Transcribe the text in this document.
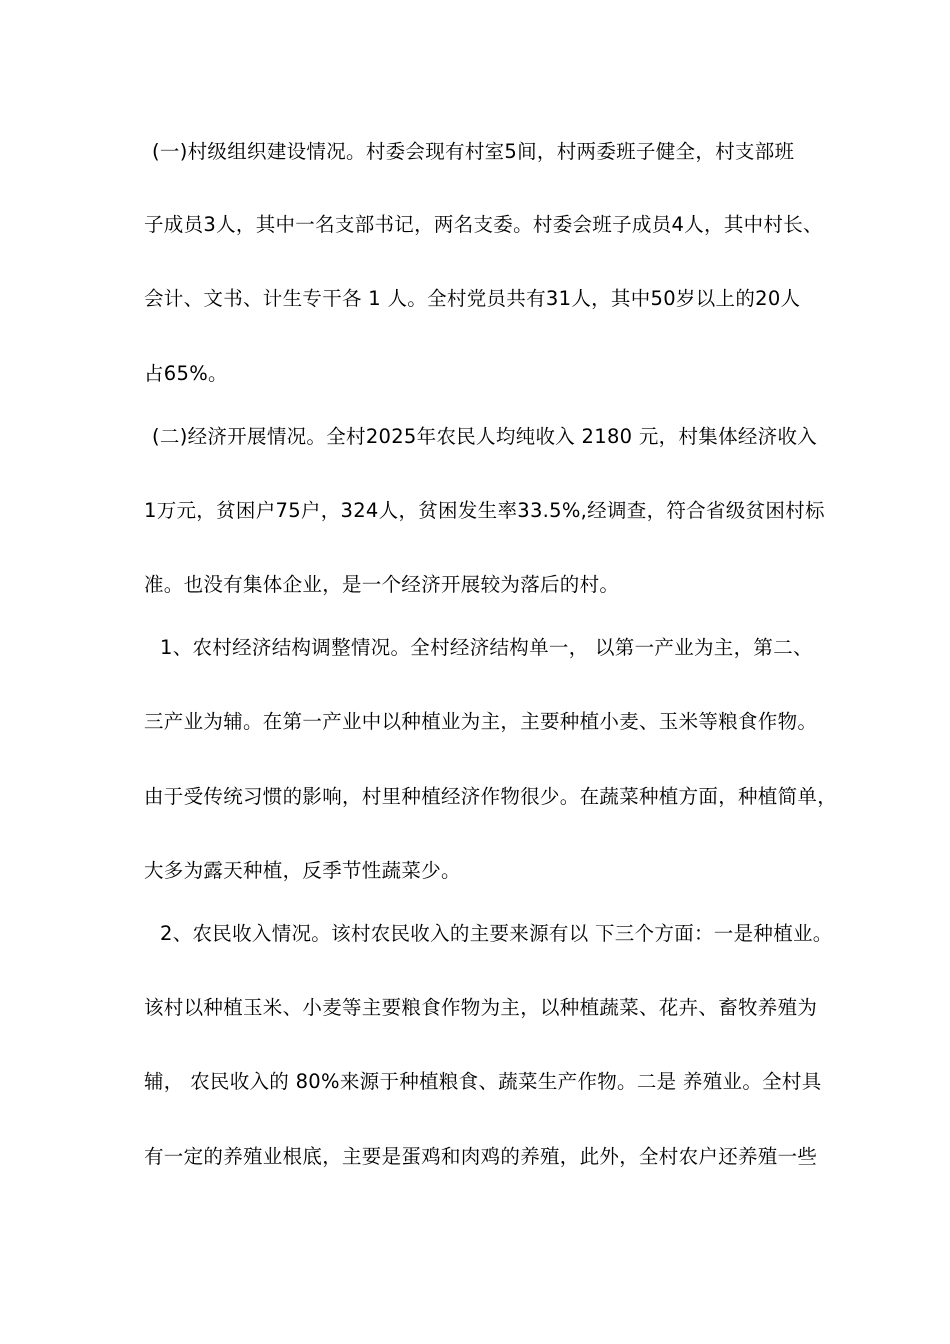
(一)村级组织建设情况。村委会现有村室5间，村两委班子健全，村支部班
子成员3人，其中一名支部书记，两名支委。村委会班子成员4人，其中村长、
会计、文书、计生专干各 1 人。全村党员共有31人，其中50岁以上的20人
占65%。
(二)经济开展情况。全村2025年农民人均纯收入 2180 元，村集体经济收入
1万元，贫困户75户，324人，贫困发生率33.5%,经调查，符合省级贫困村标
准。也没有集体企业，是一个经济开展较为落后的村。
1、农村经济结构调整情况。全村经济结构单一， 以第一产业为主，第二、
三产业为辅。在第一产业中以种植业为主，主要种植小麦、玉米等粮食作物。
由于受传统习惯的影响，村里种植经济作物很少。在蔬菜种植方面，种植简单，
大多为露天种植，反季节性蔬菜少。
2、农民收入情况。该村农民收入的主要来源有以 下三个方面：一是种植业。
该村以种植玉米、小麦等主要粮食作物为主，以种植蔬菜、花卉、畜牧养殖为
辅， 农民收入的 80%来源于种植粮食、蔬菜生产作物。二是 养殖业。全村具
有一定的养殖业根底，主要是蛋鸡和肉鸡的养殖，此外，全村农户还养殖一些
